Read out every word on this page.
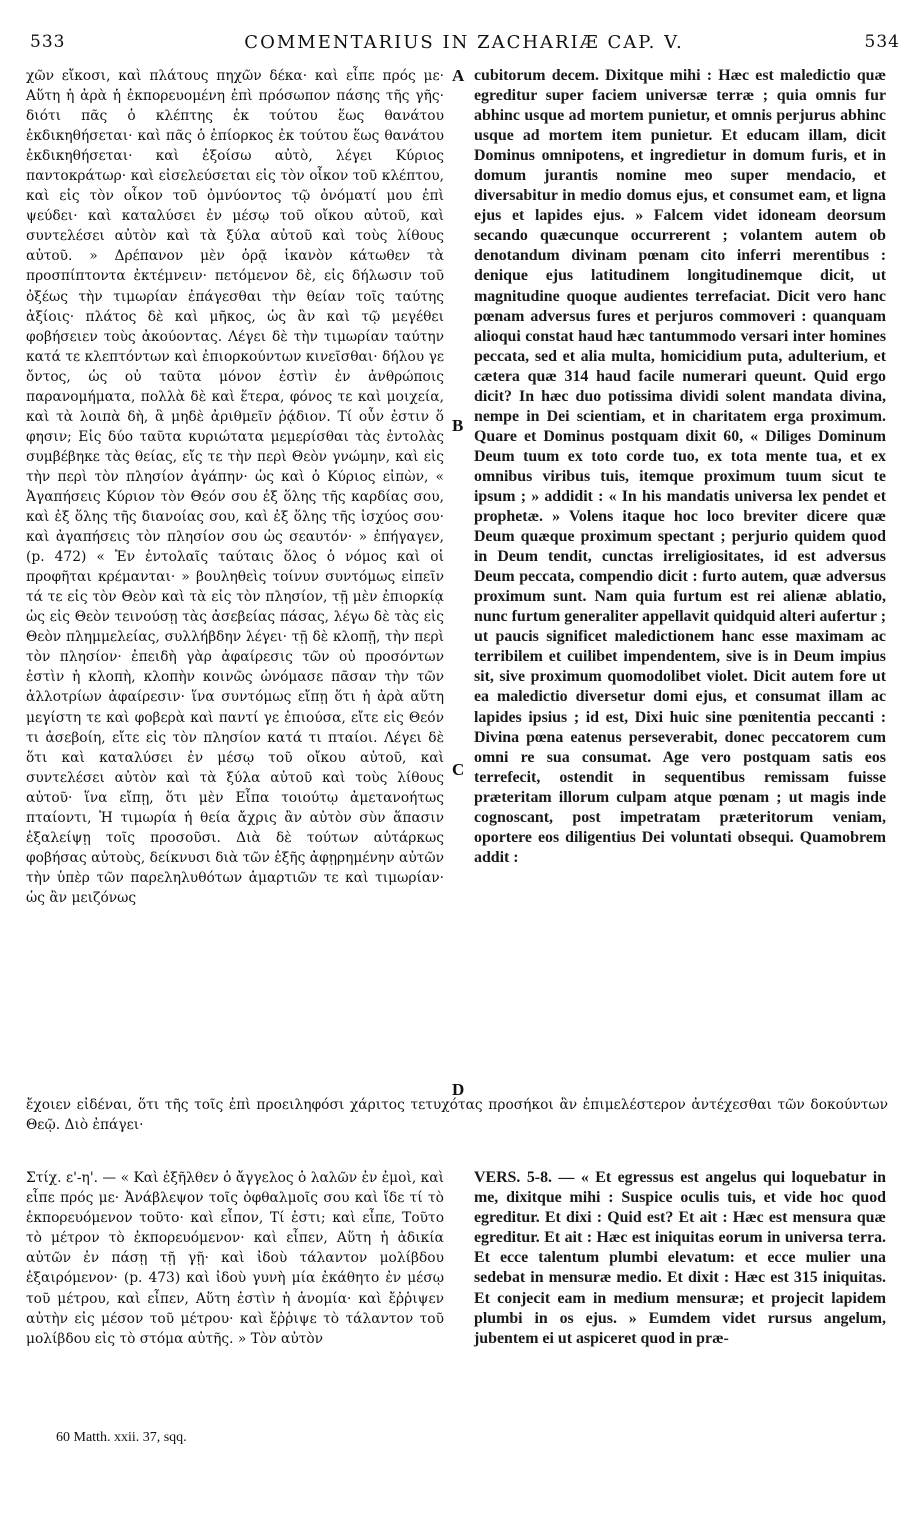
533	COMMENTARIUS IN ZACHARIÆ CAP. V.	534

χῶν εἴκοσι, καὶ πλάτους πηχῶν δέκα· καὶ εἶπε πρός με· Αὕτη ἡ ἀρὰ ἡ ἐκπορευομένη ἐπὶ πρόσωπον πάσης τῆς γῆς· διότι πᾶς ὁ κλέπτης ἐκ τούτου ἕως θανάτου ἐκδικηθήσεται· καὶ πᾶς ὁ ἐπίορκος ἐκ τούτου ἕως θανάτου ἐκδικηθήσεται· καὶ ἐξοίσω αὐτὸ, λέγει Κύριος παντοκράτωρ· καὶ εἰσελεύσεται εἰς τὸν οἶκον τοῦ κλέπτου, καὶ εἰς τὸν οἶκον τοῦ ὀμνύοντος τῷ ὀνόματί μου ἐπὶ ψεύδει· καὶ καταλύσει ἐν μέσῳ τοῦ οἴκου αὐτοῦ, καὶ συντελέσει αὐτὸν καὶ τὰ ξύλα αὐτοῦ καὶ τοὺς λίθους αὐτοῦ. » Δρέπανον μὲν ὁρᾷ ἱκανὸν κάτωθεν τὰ προσπίπτοντα ἐκτέμνειν· πετόμενον δὲ, εἰς δήλωσιν τοῦ ὀξέως τὴν τιμωρίαν ἐπάγεσθαι τὴν θείαν τοῖς ταύτης ἀξίοις· πλάτος δὲ καὶ μῆκος, ὡς ἂν καὶ τῷ μεγέθει φοβήσειεν τοὺς ἀκούοντας. Λέγει δὲ τὴν τιμωρίαν ταύτην κατά τε κλεπτόντων καὶ ἐπιορκούντων κινεῖσθαι· δήλου γε ὄντος, ὡς οὐ ταῦτα μόνον ἐστὶν ἐν ἀνθρώποις παρανομήματα, πολλὰ δὲ καὶ ἕτερα, φόνος τε καὶ μοιχεία, καὶ τὰ λοιπὰ δὴ, ἃ μηδὲ ἀριθμεῖν ῥᾴδιον. Τί οὖν ἐστιν ὅ φησιν; Εἰς δύο ταῦτα κυριώτατα μεμερίσθαι τὰς ἐντολὰς συμβέβηκε τὰς θείας, εἴς τε τὴν περὶ Θεὸν γνώμην, καὶ εἰς τὴν περὶ τὸν πλησίον ἀγάπην· ὡς καὶ ὁ Κύριος εἰπὼν, « Ἀγαπήσεις Κύριον τὸν Θεόν σου ἐξ ὅλης τῆς καρδίας σου, καὶ ἐξ ὅλης τῆς διανοίας σου, καὶ ἐξ ὅλης τῆς ἰσχύος σου· καὶ ἀγαπήσεις τὸν πλησίον σου ὡς σεαυτόν· » ἐπήγαγεν, (p. 472) « Ἐν ἐντολαῖς ταύταις ὅλος ὁ νόμος καὶ οἱ προφῆται κρέμανται· » βουληθεὶς τοίνυν συντόμως εἰπεῖν τά τε εἰς τὸν Θεὸν καὶ τὰ εἰς τὸν πλησίον, τῇ μὲν ἐπιορκίᾳ ὡς εἰς Θεὸν τεινούσῃ τὰς ἀσεβείας πάσας, λέγω δὲ τὰς εἰς Θεὸν πλημμελείας, συλλήβδην λέγει· τῇ δὲ κλοπῇ, τὴν περὶ τὸν πλησίον· ἐπειδὴ γὰρ ἀφαίρεσις τῶν οὐ προσόντων ἐστὶν ἡ κλοπὴ, κλοπὴν κοινῶς ὠνόμασε πᾶσαν τὴν τῶν ἀλλοτρίων ἀφαίρεσιν· ἵνα συντόμως εἴπῃ ὅτι ἡ ἀρὰ αὕτη μεγίστη τε καὶ φοβερὰ καὶ παντί γε ἐπιούσα, εἴτε εἰς Θεόν τι ἀσεβοίη, εἴτε εἰς τὸν πλησίον κατά τι πταίοι. Λέγει δὲ ὅτι καὶ καταλύσει ἐν μέσῳ τοῦ οἴκου αὐτοῦ, καὶ συντελέσει αὐτὸν καὶ τὰ ξύλα αὐτοῦ καὶ τοὺς λίθους αὐτοῦ· ἵνα εἴπῃ, ὅτι μὲν Εἶπα τοιούτῳ ἀμετανοήτως πταίοντι, Ἡ τιμωρία ἡ θεία ἄχρις ἂν αὐτὸν σὺν ἅπασιν ἐξαλείψῃ τοῖς προσοῦσι. Διὰ δὲ τούτων αὐτάρκως φοβήσας αὐτοὺς, δείκνυσι διὰ τῶν ἑξῆς ἀφῃρημένην αὐτῶν τὴν ὑπὲρ τῶν παρεληλυθότων ἁμαρτιῶν τε καὶ τιμωρίαν· ὡς ἂν μειζόνως

cubitorum decem. Dixitque mihi : Hæc est maledictio quæ egreditur super faciem universæ terræ ; quia omnis fur abhinc usque ad mortem punietur, et omnis perjurus abhinc usque ad mortem item punietur. Et educam illam, dicit Dominus omnipotens, et ingredietur in domum furis, et in domum jurantis nomine meo super mendacio, et diversabitur in medio domus ejus, et consumet eam, et ligna ejus et lapides ejus. » Falcem videt idoneam deorsum secando quæcunque occurrerent ; volantem autem ob denotandum divinam pœnam cito inferri merentibus : denique ejus latitudinem longitudinemque dicit, ut magnitudine quoque audientes terrefaciat. Dicit vero hanc pœnam adversus fures et perjuros commoveri : quanquam alioqui constat haud hæc tantummodo versari inter homines peccata, sed et alia multa, homicidium puta, adulterium, et cætera quæ 314 haud facile numerari queunt. Quid ergo dicit? In hæc duo potissima dividi solent mandata divina, nempe in Dei scientiam, et in charitatem erga proximum. Quare et Dominus postquam dixit 60, « Diliges Dominum Deum tuum ex toto corde tuo, ex tota mente tua, et ex omnibus viribus tuis, itemque proximum tuum sicut te ipsum ; » addidit : « In his mandatis universa lex pendet et prophetæ. » Volens itaque hoc loco breviter dicere quæ Deum quæque proximum spectant ; perjurio quidem quod in Deum tendit, cunctas irreligiositates, id est adversus Deum peccata, compendio dicit : furto autem, quæ adversus proximum sunt. Nam quia furtum est rei alienæ ablatio, nunc furtum generaliter appellavit quidquid alteri aufertur ; ut paucis significet maledictionem hanc esse maximam ac terribilem et cuilibet impendentem, sive is in Deum impius sit, sive proximum quomodolibet violet. Dicit autem fore ut ea maledictio diversetur domi ejus, et consumat illam ac lapides ipsius ; id est, Dixi huic sine pœnitentia peccanti : Divina pœna eatenus perseverabit, donec peccatorem cum omni re sua consumat. Age vero postquam satis eos terrefecit, ostendit in sequentibus remissam fuisse præteritam illorum culpam atque pœnam ; ut magis inde cognoscant, post impetratam præteritorum veniam, oportere eos diligentius Dei voluntati obsequi. Quamobrem addit :

A
B
C
D

ἔχοιεν εἰδέναι, ὅτι τῆς τοῖς ἐπὶ προειληφόσι χάριτος τετυχότας προσήκοι ἂν ἐπιμελέστερον ἀντέχεσθαι τῶν δοκούντων Θεῷ. Διὸ ἐπάγει·

Στίχ. ε'-η'. — « Καὶ ἐξῆλθεν ὁ ἄγγελος ὁ λαλῶν ἐν ἐμοὶ, καὶ εἶπε πρός με· Ἀνάβλεψον τοῖς ὀφθαλμοῖς σου καὶ ἴδε τί τὸ ἐκπορευόμενον τοῦτο· καὶ εἶπον, Τί ἐστι; καὶ εἶπε, Τοῦτο τὸ μέτρον τὸ ἐκπορευόμενον· καὶ εἶπεν, Αὕτη ἡ ἀδικία αὐτῶν ἐν πάσῃ τῇ γῇ· καὶ ἰδοὺ τάλαντον μολίβδου ἐξαιρόμενον· (p. 473) καὶ ἰδοὺ γυνὴ μία ἐκάθητο ἐν μέσῳ τοῦ μέτρου, καὶ εἶπεν, Αὕτη ἐστὶν ἡ ἀνομία· καὶ ἔῤῥιψεν αὐτὴν εἰς μέσον τοῦ μέτρου· καὶ ἔῤῥιψε τὸ τάλαντον τοῦ μολίβδου εἰς τὸ στόμα αὐτῆς. » Τὸν αὐτὸν

VERS. 5-8. — « Et egressus est angelus qui loquebatur in me, dixitque mihi : Suspice oculis tuis, et vide hoc quod egreditur. Et dixi : Quid est? Et ait : Hæc est mensura quæ egreditur. Et ait : Hæc est iniquitas eorum in universa terra. Et ecce talentum plumbi elevatum: et ecce mulier una sedebat in mensuræ medio. Et dixit : Hæc est 315 iniquitas. Et conjecit eam in medium mensuræ; et projecit lapidem plumbi in os ejus. » Eumdem videt rursus angelum, jubentem ei ut aspiceret quod in præ-

60 Matth. xxii. 37, sqq.
